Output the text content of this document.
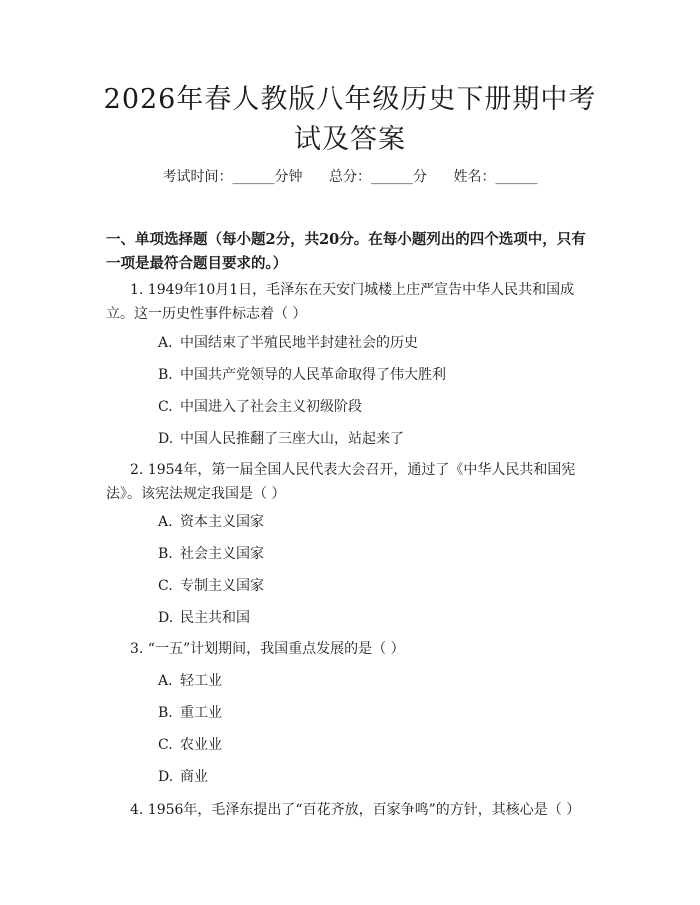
2026年春人教版八年级历史下册期中考试及答案
考试时间：______分钟 总分：______分 姓名：______
一、单项选择题（每小题2分，共20分。在每小题列出的四个选项中，只有一项是最符合题目要求的。）
1. 1949年10月1日，毛泽东在天安门城楼上庄严宣告中华人民共和国成立。这一历史性事件标志着（ ）
A. 中国结束了半殖民地半封建社会的历史
B. 中国共产党领导的人民革命取得了伟大胜利
C. 中国进入了社会主义初级阶段
D. 中国人民推翻了三座大山，站起来了
2. 1954年，第一届全国人民代表大会召开，通过了《中华人民共和国宪法》。该宪法规定我国是（ ）
A. 资本主义国家
B. 社会主义国家
C. 专制主义国家
D. 民主共和国
3. “一五”计划期间，我国重点发展的是（ ）
A. 轻工业
B. 重工业
C. 农业业
D. 商业
4. 1956年，毛泽东提出了“百花齐放，百家争鸣”的方针，其核心是（ ）
